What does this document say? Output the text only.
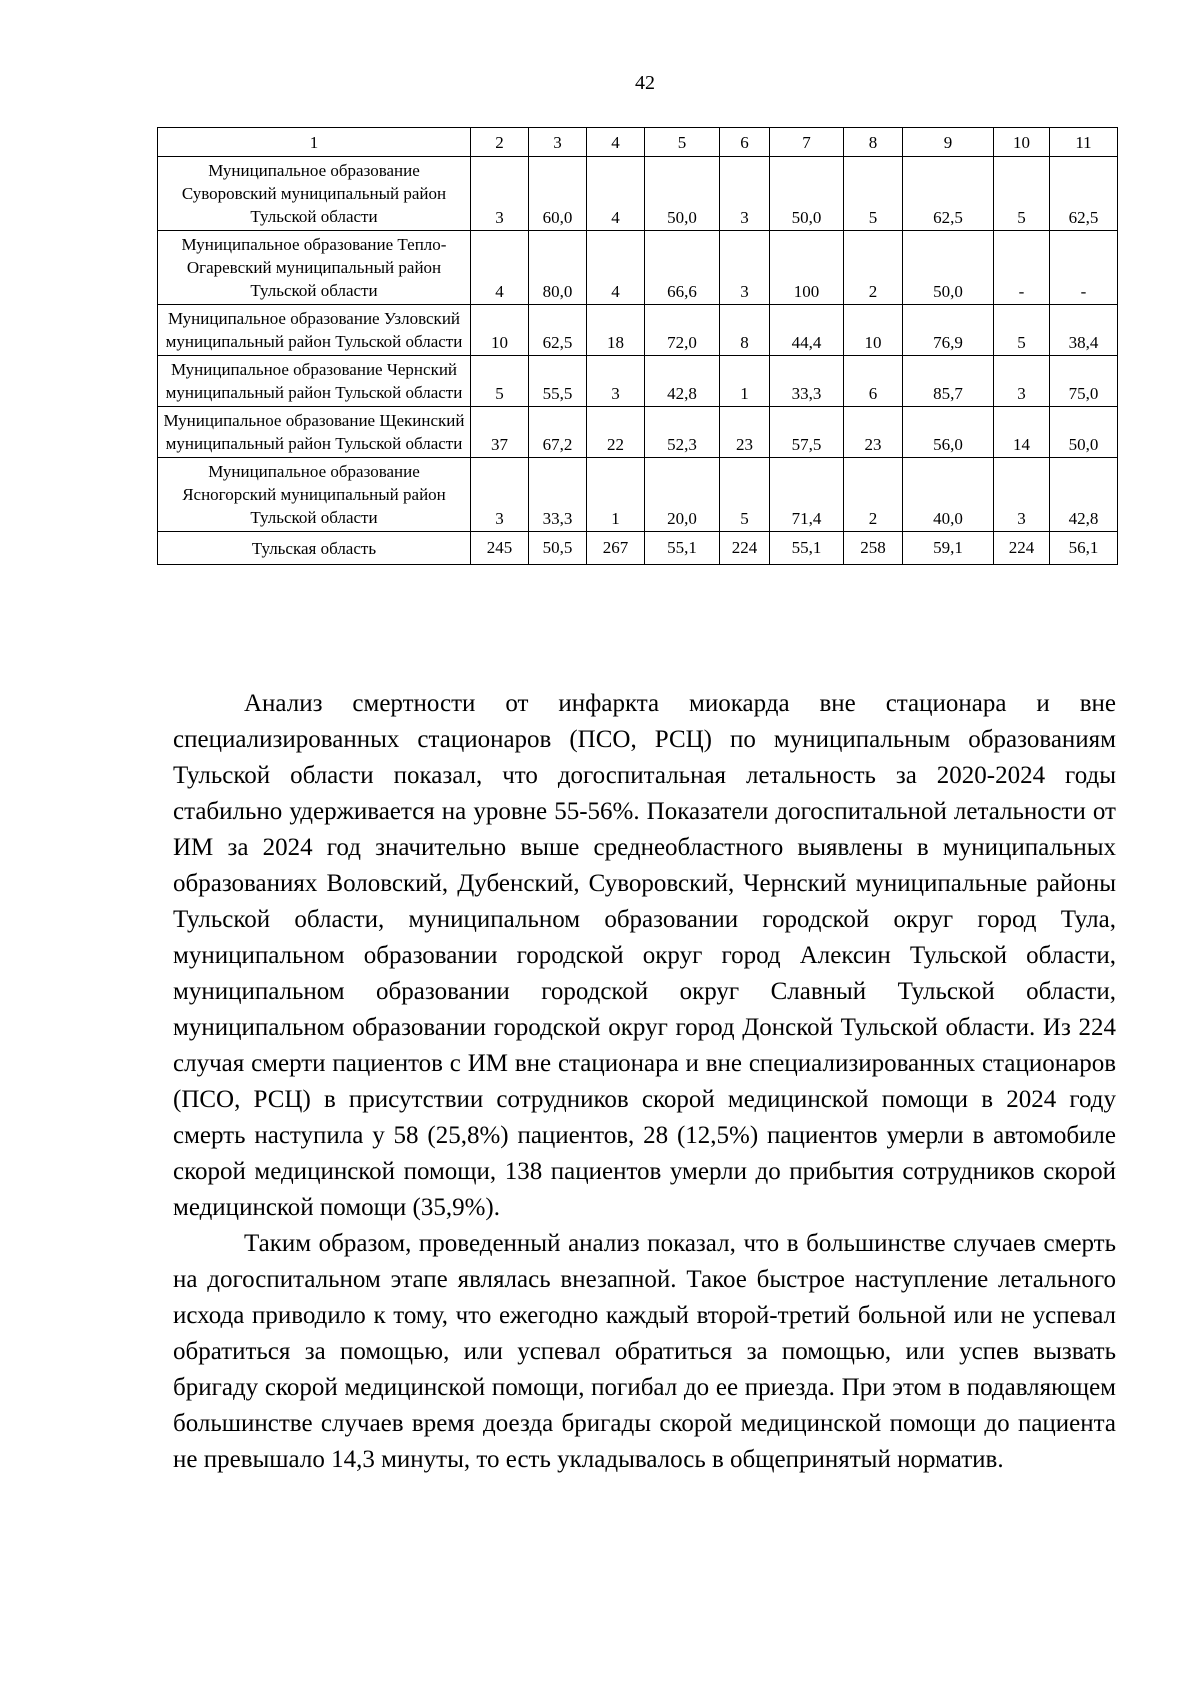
42
1	2	3	4	5	6	7	8	9	10	11
Муниципальное образование Суворовский муниципальный район Тульской области	3	60,0	4	50,0	3	50,0	5	62,5	5	62,5
Муниципальное образование Тепло-Огаревский муниципальный район Тульской области	4	80,0	4	66,6	3	100	2	50,0	-	-
Муниципальное образование Узловский муниципальный район Тульской области	10	62,5	18	72,0	8	44,4	10	76,9	5	38,4
Муниципальное образование Чернский муниципальный район Тульской области	5	55,5	3	42,8	1	33,3	6	85,7	3	75,0
Муниципальное образование Щекинский муниципальный район Тульской области	37	67,2	22	52,3	23	57,5	23	56,0	14	50,0
Муниципальное образование Ясногорский муниципальный район Тульской области	3	33,3	1	20,0	5	71,4	2	40,0	3	42,8
Тульская область	245	50,5	267	55,1	224	55,1	258	59,1	224	56,1

Анализ смертности от инфаркта миокарда вне стационара и вне специализированных стационаров (ПСО, РСЦ) по муниципальным образованиям Тульской области показал, что догоспитальная летальность за 2020-2024 годы стабильно удерживается на уровне 55-56%. Показатели догоспитальной летальности от ИМ за 2024 год значительно выше среднеобластного выявлены в муниципальных образованиях Воловский, Дубенский, Суворовский, Чернский муниципальные районы Тульской области, муниципальном образовании городской округ город Тула, муниципальном образовании городской округ город Алексин Тульской области, муниципальном образовании городской округ Славный Тульской области, муниципальном образовании городской округ город Донской Тульской области. Из 224 случая смерти пациентов с ИМ вне стационара и вне специализированных стационаров (ПСО, РСЦ) в присутствии сотрудников скорой медицинской помощи в 2024 году смерть наступила у 58 (25,8%) пациентов, 28 (12,5%) пациентов умерли в автомобиле скорой медицинской помощи, 138 пациентов умерли до прибытия сотрудников скорой медицинской помощи (35,9%).

Таким образом, проведенный анализ показал, что в большинстве случаев смерть на догоспитальном этапе являлась внезапной. Такое быстрое наступление летального исхода приводило к тому, что ежегодно каждый второй-третий больной или не успевал обратиться за помощью, или успевал обратиться за помощью, или успев вызвать бригаду скорой медицинской помощи, погибал до ее приезда. При этом в подавляющем большинстве случаев время доезда бригады скорой медицинской помощи до пациента не превышало 14,3 минуты, то есть укладывалось в общепринятый норматив.
